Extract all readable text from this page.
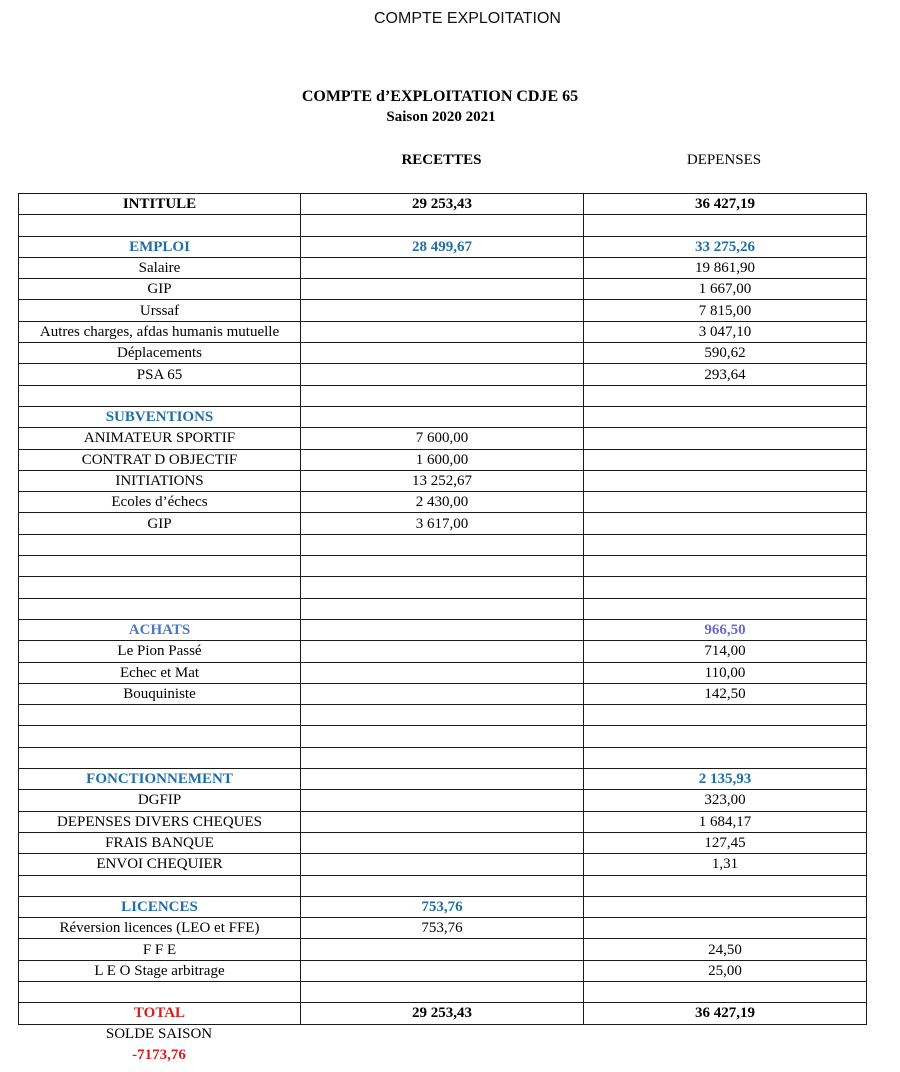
COMPTE EXPLOITATION
COMPTE d’EXPLOITATION CDJE 65
Saison 2020 2021
RECETTES	DEPENSES
INTITULE	29 253,43	36 427,19

EMPLOI	28 499,67	33 275,26
Salaire		19 861,90
GIP		1 667,00
Urssaf		7 815,00
Autres charges, afdas humanis mutuelle		3 047,10
Déplacements		590,62
PSA 65		293,64

SUBVENTIONS		
ANIMATEUR SPORTIF	7 600,00	
CONTRAT D OBJECTIF	1 600,00	
INITIATIONS	13 252,67	
Ecoles d’échecs	2 430,00	
GIP	3 617,00	

ACHATS		966,50
Le Pion Passé		714,00
Echec et Mat		110,00
Bouquiniste		142,50

FONCTIONNEMENT		2 135,93
DGFIP		323,00
DEPENSES DIVERS CHEQUES		1 684,17
FRAIS BANQUE		127,45
ENVOI CHEQUIER		1,31

LICENCES	753,76	
Réversion licences (LEO et FFE)	753,76	
F F E		24,50
L E O Stage arbitrage		25,00

TOTAL	29 253,43	36 427,19
SOLDE SAISON
-7173,76
